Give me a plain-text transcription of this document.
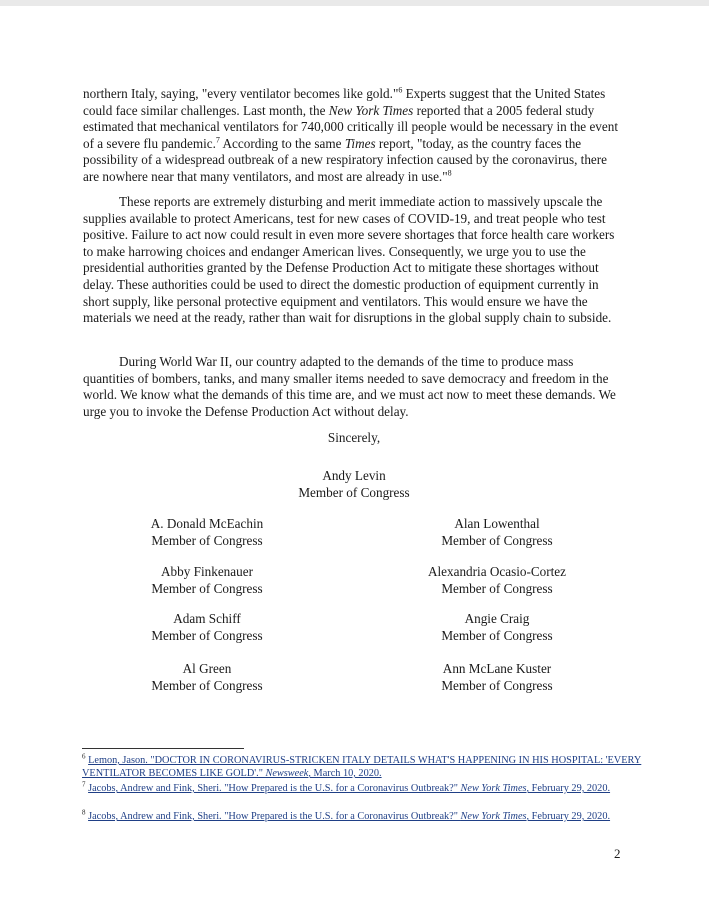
northern Italy, saying, "every ventilator becomes like gold."$^6$ Experts suggest that the United States could face similar challenges. Last month, the New York Times reported that a 2005 federal study estimated that mechanical ventilators for 740,000 critically ill people would be necessary in the event of a severe flu pandemic.$^7$ According to the same Times report, "today, as the country faces the possibility of a widespread outbreak of a new respiratory infection caused by the coronavirus, there are nowhere near that many ventilators, and most are already in use."$^8$
These reports are extremely disturbing and merit immediate action to massively upscale the supplies available to protect Americans, test for new cases of COVID-19, and treat people who test positive. Failure to act now could result in even more severe shortages that force health care workers to make harrowing choices and endanger American lives. Consequently, we urge you to use the presidential authorities granted by the Defense Production Act to mitigate these shortages without delay. These authorities could be used to direct the domestic production of equipment currently in short supply, like personal protective equipment and ventilators. This would ensure we have the materials we need at the ready, rather than wait for disruptions in the global supply chain to subside.
During World War II, our country adapted to the demands of the time to produce mass quantities of bombers, tanks, and many smaller items needed to save democracy and freedom in the world. We know what the demands of this time are, and we must act now to meet these demands. We urge you to invoke the Defense Production Act without delay.
Sincerely,
Andy Levin
Member of Congress
A. Donald McEachin
Member of Congress
Abby Finkenauer
Member of Congress
Adam Schiff
Member of Congress
Al Green
Member of Congress
Alan Lowenthal
Member of Congress
Alexandria Ocasio-Cortez
Member of Congress
Angie Craig
Member of Congress
Ann McLane Kuster
Member of Congress
$^6$ Lemon, Jason. "DOCTOR IN CORONAVIRUS-STRICKEN ITALY DETAILS WHAT'S HAPPENING IN HIS HOSPITAL: 'EVERY VENTILATOR BECOMES LIKE GOLD'." Newsweek, March 10, 2020.
$^7$ Jacobs, Andrew and Fink, Sheri. "How Prepared is the U.S. for a Coronavirus Outbreak?" New York Times, February 29, 2020.
$^8$ Jacobs, Andrew and Fink, Sheri. "How Prepared is the U.S. for a Coronavirus Outbreak?" New York Times, February 29, 2020.
2
